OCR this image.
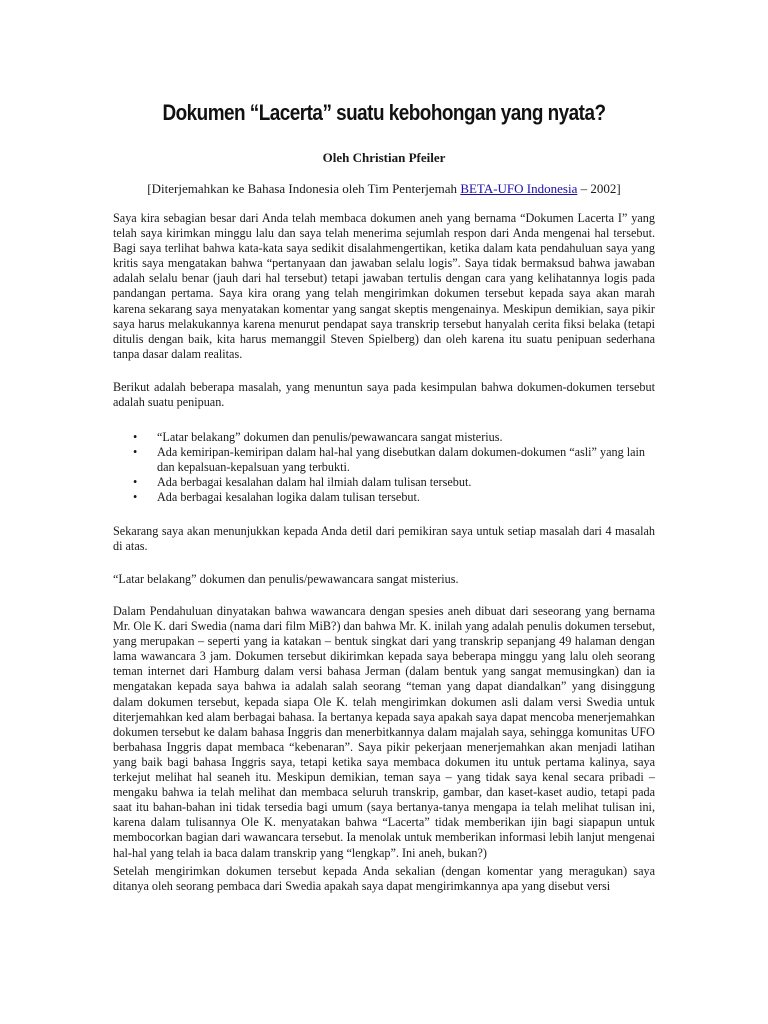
Dokumen “Lacerta” suatu kebohongan yang nyata?
Oleh Christian Pfeiler
[Diterjemahkan ke Bahasa Indonesia oleh Tim Penterjemah BETA-UFO Indonesia – 2002]
Saya kira sebagian besar dari Anda telah membaca dokumen aneh yang bernama “Dokumen Lacerta I” yang telah saya kirimkan minggu lalu dan saya telah menerima sejumlah respon dari Anda mengenai hal tersebut. Bagi saya terlihat bahwa kata-kata saya sedikit disalahmengertikan, ketika dalam kata pendahuluan saya yang kritis saya mengatakan bahwa “pertanyaan dan jawaban selalu logis”. Saya tidak bermaksud bahwa jawaban adalah selalu benar (jauh dari hal tersebut) tetapi jawaban tertulis dengan cara yang kelihatannya logis pada pandangan pertama. Saya kira orang yang telah mengirimkan dokumen tersebut kepada saya akan marah karena sekarang saya menyatakan komentar yang sangat skeptis mengenainya. Meskipun demikian, saya pikir saya harus melakukannya karena menurut pendapat saya transkrip tersebut hanyalah cerita fiksi belaka (tetapi ditulis dengan baik, kita harus memanggil Steven Spielberg) dan oleh karena itu suatu penipuan sederhana tanpa dasar dalam realitas.
Berikut adalah beberapa masalah, yang menuntun saya pada kesimpulan bahwa dokumen-dokumen tersebut adalah suatu penipuan.
•	“Latar belakang” dokumen dan penulis/pewawancara sangat misterius.
•	Ada kemiripan-kemiripan dalam hal-hal yang disebutkan dalam dokumen-dokumen “asli” yang lain dan kepalsuan-kepalsuan yang terbukti.
•	Ada berbagai kesalahan dalam hal ilmiah dalam tulisan tersebut.
•	Ada berbagai kesalahan logika dalam tulisan tersebut.
Sekarang saya akan menunjukkan kepada Anda detil dari pemikiran saya untuk setiap masalah dari 4 masalah di atas.
“Latar belakang” dokumen dan penulis/pewawancara sangat misterius.
Dalam Pendahuluan dinyatakan bahwa wawancara dengan spesies aneh dibuat dari seseorang yang bernama Mr. Ole K. dari Swedia (nama dari film MiB?) dan bahwa Mr. K. inilah yang adalah penulis dokumen tersebut, yang merupakan – seperti yang ia katakan – bentuk singkat dari yang transkrip sepanjang 49 halaman dengan lama wawancara 3 jam. Dokumen tersebut dikirimkan kepada saya beberapa minggu yang lalu oleh seorang teman internet dari Hamburg dalam versi bahasa Jerman (dalam bentuk yang sangat memusingkan) dan ia mengatakan kepada saya bahwa ia adalah salah seorang “teman yang dapat diandalkan” yang disinggung dalam dokumen tersebut, kepada siapa Ole K. telah mengirimkan dokumen asli dalam versi Swedia untuk diterjemahkan ked alam berbagai bahasa. Ia bertanya kepada saya apakah saya dapat mencoba menerjemahkan dokumen tersebut ke dalam bahasa Inggris dan menerbitkannya dalam majalah saya, sehingga komunitas UFO berbahasa Inggris dapat membaca “kebenaran”. Saya pikir pekerjaan menerjemahkan akan menjadi latihan yang baik bagi bahasa Inggris saya, tetapi ketika saya membaca dokumen itu untuk pertama kalinya, saya terkejut melihat hal seaneh itu. Meskipun demikian, teman saya – yang tidak saya kenal secara pribadi – mengaku bahwa ia telah melihat dan membaca seluruh transkrip, gambar, dan kaset-kaset audio, tetapi pada saat itu bahan-bahan ini tidak tersedia bagi umum (saya bertanya-tanya mengapa ia telah melihat tulisan ini, karena dalam tulisannya Ole K. menyatakan bahwa “Lacerta” tidak memberikan ijin bagi siapapun untuk membocorkan bagian dari wawancara tersebut. Ia menolak untuk memberikan informasi lebih lanjut mengenai hal-hal yang telah ia baca dalam transkrip yang “lengkap”. Ini aneh, bukan?)
Setelah mengirimkan dokumen tersebut kepada Anda sekalian (dengan komentar yang meragukan) saya ditanya oleh seorang pembaca dari Swedia apakah saya dapat mengirimkannya apa yang disebut versi
